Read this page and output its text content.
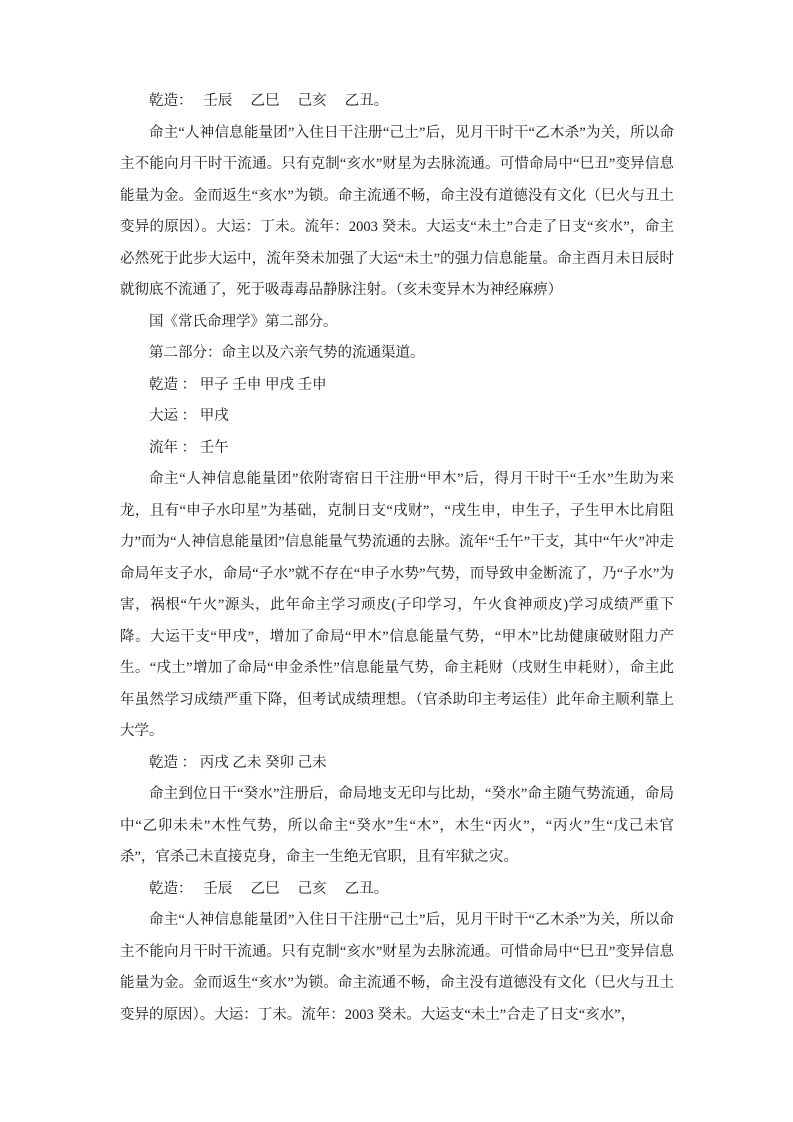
乾造：　 壬辰　 乙巳　 己亥　 乙丑。

命主“人神信息能量团”入住日干注册“己土”后，见月干时干“乙木杀”为关，所以命主不能向月干时干流通。只有克制“亥水”财星为去脉流通。可惜命局中“巳丑”变异信息能量为金。金而返生“亥水”为锁。命主流通不畅，命主没有道德没有文化（巳火与丑土变异的原因）。大运：丁未。流年：2003 癸未。大运支“未土”合走了日支“亥水”，命主必然死于此步大运中，流年癸未加强了大运“未土”的强力信息能量。命主酉月未日辰时就彻底不流通了，死于吸毒毒品静脉注射。（亥未变异木为神经麻痹）

国《常氏命理学》第二部分。

第二部分：命主以及六亲气势的流通渠道。

乾造 ： 甲子 壬申 甲戌 壬申

大运 ： 甲戌

流年 ： 壬午

命主“人神信息能量团”依附寄宿日干注册“甲木”后，得月干时干“壬水”生助为来龙，且有“申子水印星”为基础，克制日支“戌财”，“戌生申，申生子，子生甲木比肩阻力”而为“人神信息能量团”信息能量气势流通的去脉。流年“壬午”干支，其中“午火”冲走命局年支子水，命局“子水”就不存在“申子水势”气势，而导致申金断流了，乃“子水”为害，祸根“午火”源头，此年命主学习顽皮(子印学习，午火食神顽皮)学习成绩严重下降。大运干支“甲戌”，增加了命局“甲木”信息能量气势，“甲木”比劫健康破财阻力产生。“戌土”增加了命局“申金杀性”信息能量气势，命主耗财（戌财生申耗财），命主此年虽然学习成绩严重下降，但考试成绩理想。（官杀助印主考运佳）此年命主顺利靠上大学。

乾造 ： 丙戌 乙未 癸卯 己未

命主到位日干“癸水”注册后，命局地支无印与比劫，“癸水”命主随气势流通，命局中“乙卯未未”木性气势，所以命主“癸水”生“木”，木生“丙火”，“丙火”生“戊己未官杀”，官杀己未直接克身，命主一生绝无官职，且有牢狱之灾。

乾造：　 壬辰　 乙巳　 己亥　 乙丑。

命主“人神信息能量团”入住日干注册“己土”后，见月干时干“乙木杀”为关，所以命主不能向月干时干流通。只有克制“亥水”财星为去脉流通。可惜命局中“巳丑”变异信息能量为金。金而返生“亥水”为锁。命主流通不畅，命主没有道德没有文化（巳火与丑土变异的原因）。大运：丁未。流年：2003 癸未。大运支“未土”合走了日支“亥水”，
